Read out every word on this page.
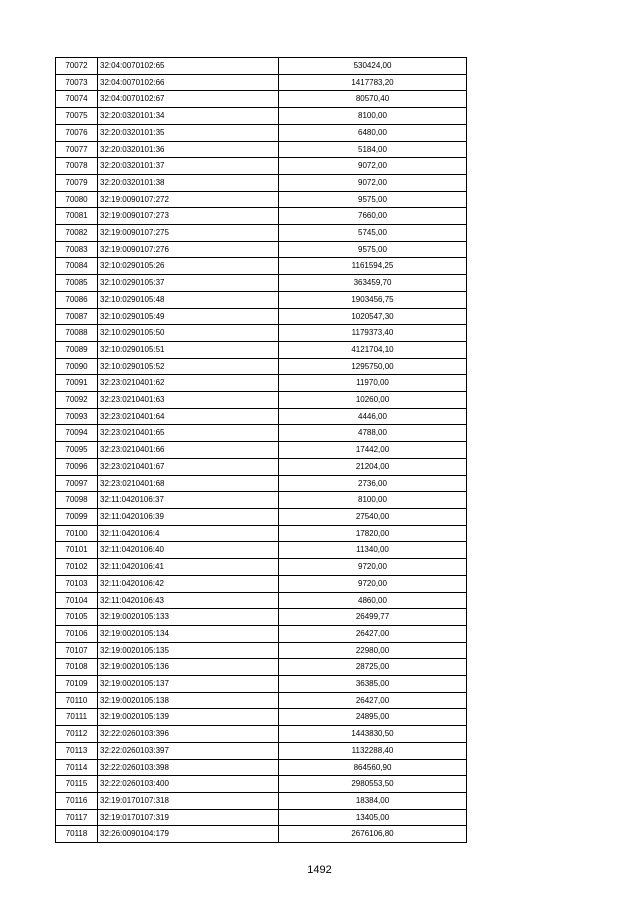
70072	32:04:0070102:65	530424,00
70073	32:04:0070102:66	1417783,20
70074	32:04:0070102:67	80570,40
70075	32:20:0320101:34	8100,00
70076	32:20:0320101:35	6480,00
70077	32:20:0320101:36	5184,00
70078	32:20:0320101:37	9072,00
70079	32:20:0320101:38	9072,00
70080	32:19:0090107:272	9575,00
70081	32:19:0090107:273	7660,00
70082	32:19:0090107:275	5745,00
70083	32:19:0090107:276	9575,00
70084	32:10:0290105:26	1161594,25
70085	32:10:0290105:37	363459,70
70086	32:10:0290105:48	1903456,75
70087	32:10:0290105:49	1020547,30
70088	32:10:0290105:50	1179373,40
70089	32:10:0290105:51	4121704,10
70090	32:10:0290105:52	1295750,00
70091	32:23:0210401:62	11970,00
70092	32:23:0210401:63	10260,00
70093	32:23:0210401:64	4446,00
70094	32:23:0210401:65	4788,00
70095	32:23:0210401:66	17442,00
70096	32:23:0210401:67	21204,00
70097	32:23:0210401:68	2736,00
70098	32:11:0420106:37	8100,00
70099	32:11:0420106:39	27540,00
70100	32:11:0420106:4	17820,00
70101	32:11:0420106:40	11340,00
70102	32:11:0420106:41	9720,00
70103	32:11:0420106:42	9720,00
70104	32:11:0420106:43	4860,00
70105	32:19:0020105:133	26499,77
70106	32:19:0020105:134	26427,00
70107	32:19:0020105:135	22980,00
70108	32:19:0020105:136	28725,00
70109	32:19:0020105:137	36385,00
70110	32:19:0020105:138	26427,00
70111	32:19:0020105:139	24895,00
70112	32:22:0260103:396	1443830,50
70113	32:22:0260103:397	1132288,40
70114	32:22:0260103:398	864560,90
70115	32:22:0260103:400	2980553,50
70116	32:19:0170107:318	18384,00
70117	32:19:0170107:319	13405,00
70118	32:26:0090104:179	2676106,80
1492
